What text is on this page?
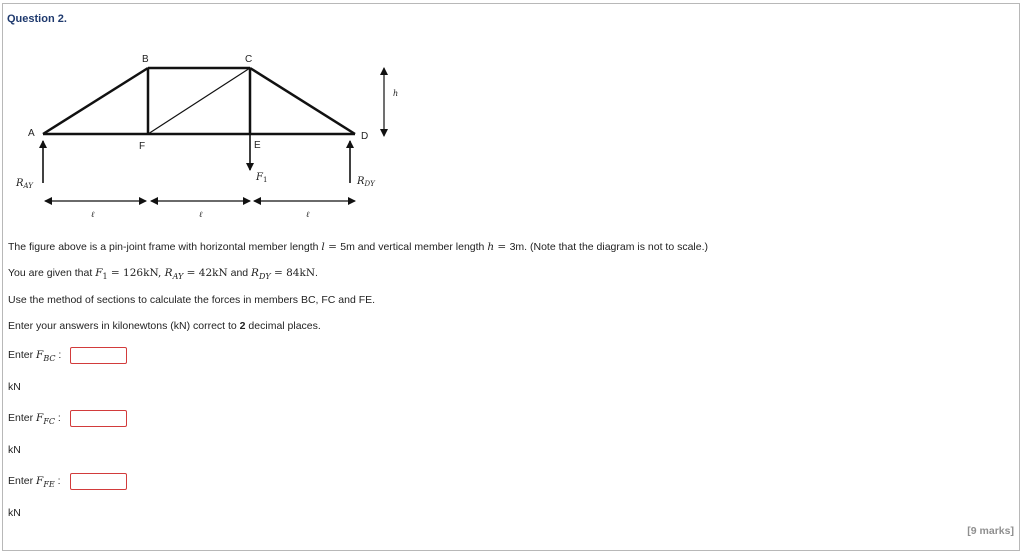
Question 2.
A
B	C
D
E
F
RAY	RDY
F1
h
ℓ	ℓ	ℓ
The figure above is a pin-joint frame with horizontal member length l = 5m and vertical member length h = 3m. (Note that the diagram is not to scale.)
You are given that $F_1 = 126kN$, $R_{AY} = 42kN$ and $R_{DY} = 84kN$.
Use the method of sections to calculate the forces in members BC, FC and FE.
Enter your answers in kilonewtons (kN) correct to 2 decimal places.
Enter $F_{BC}$ :
kN
Enter $F_{FC}$ :
kN
Enter $F_{FE}$ :
kN
[9 marks]
